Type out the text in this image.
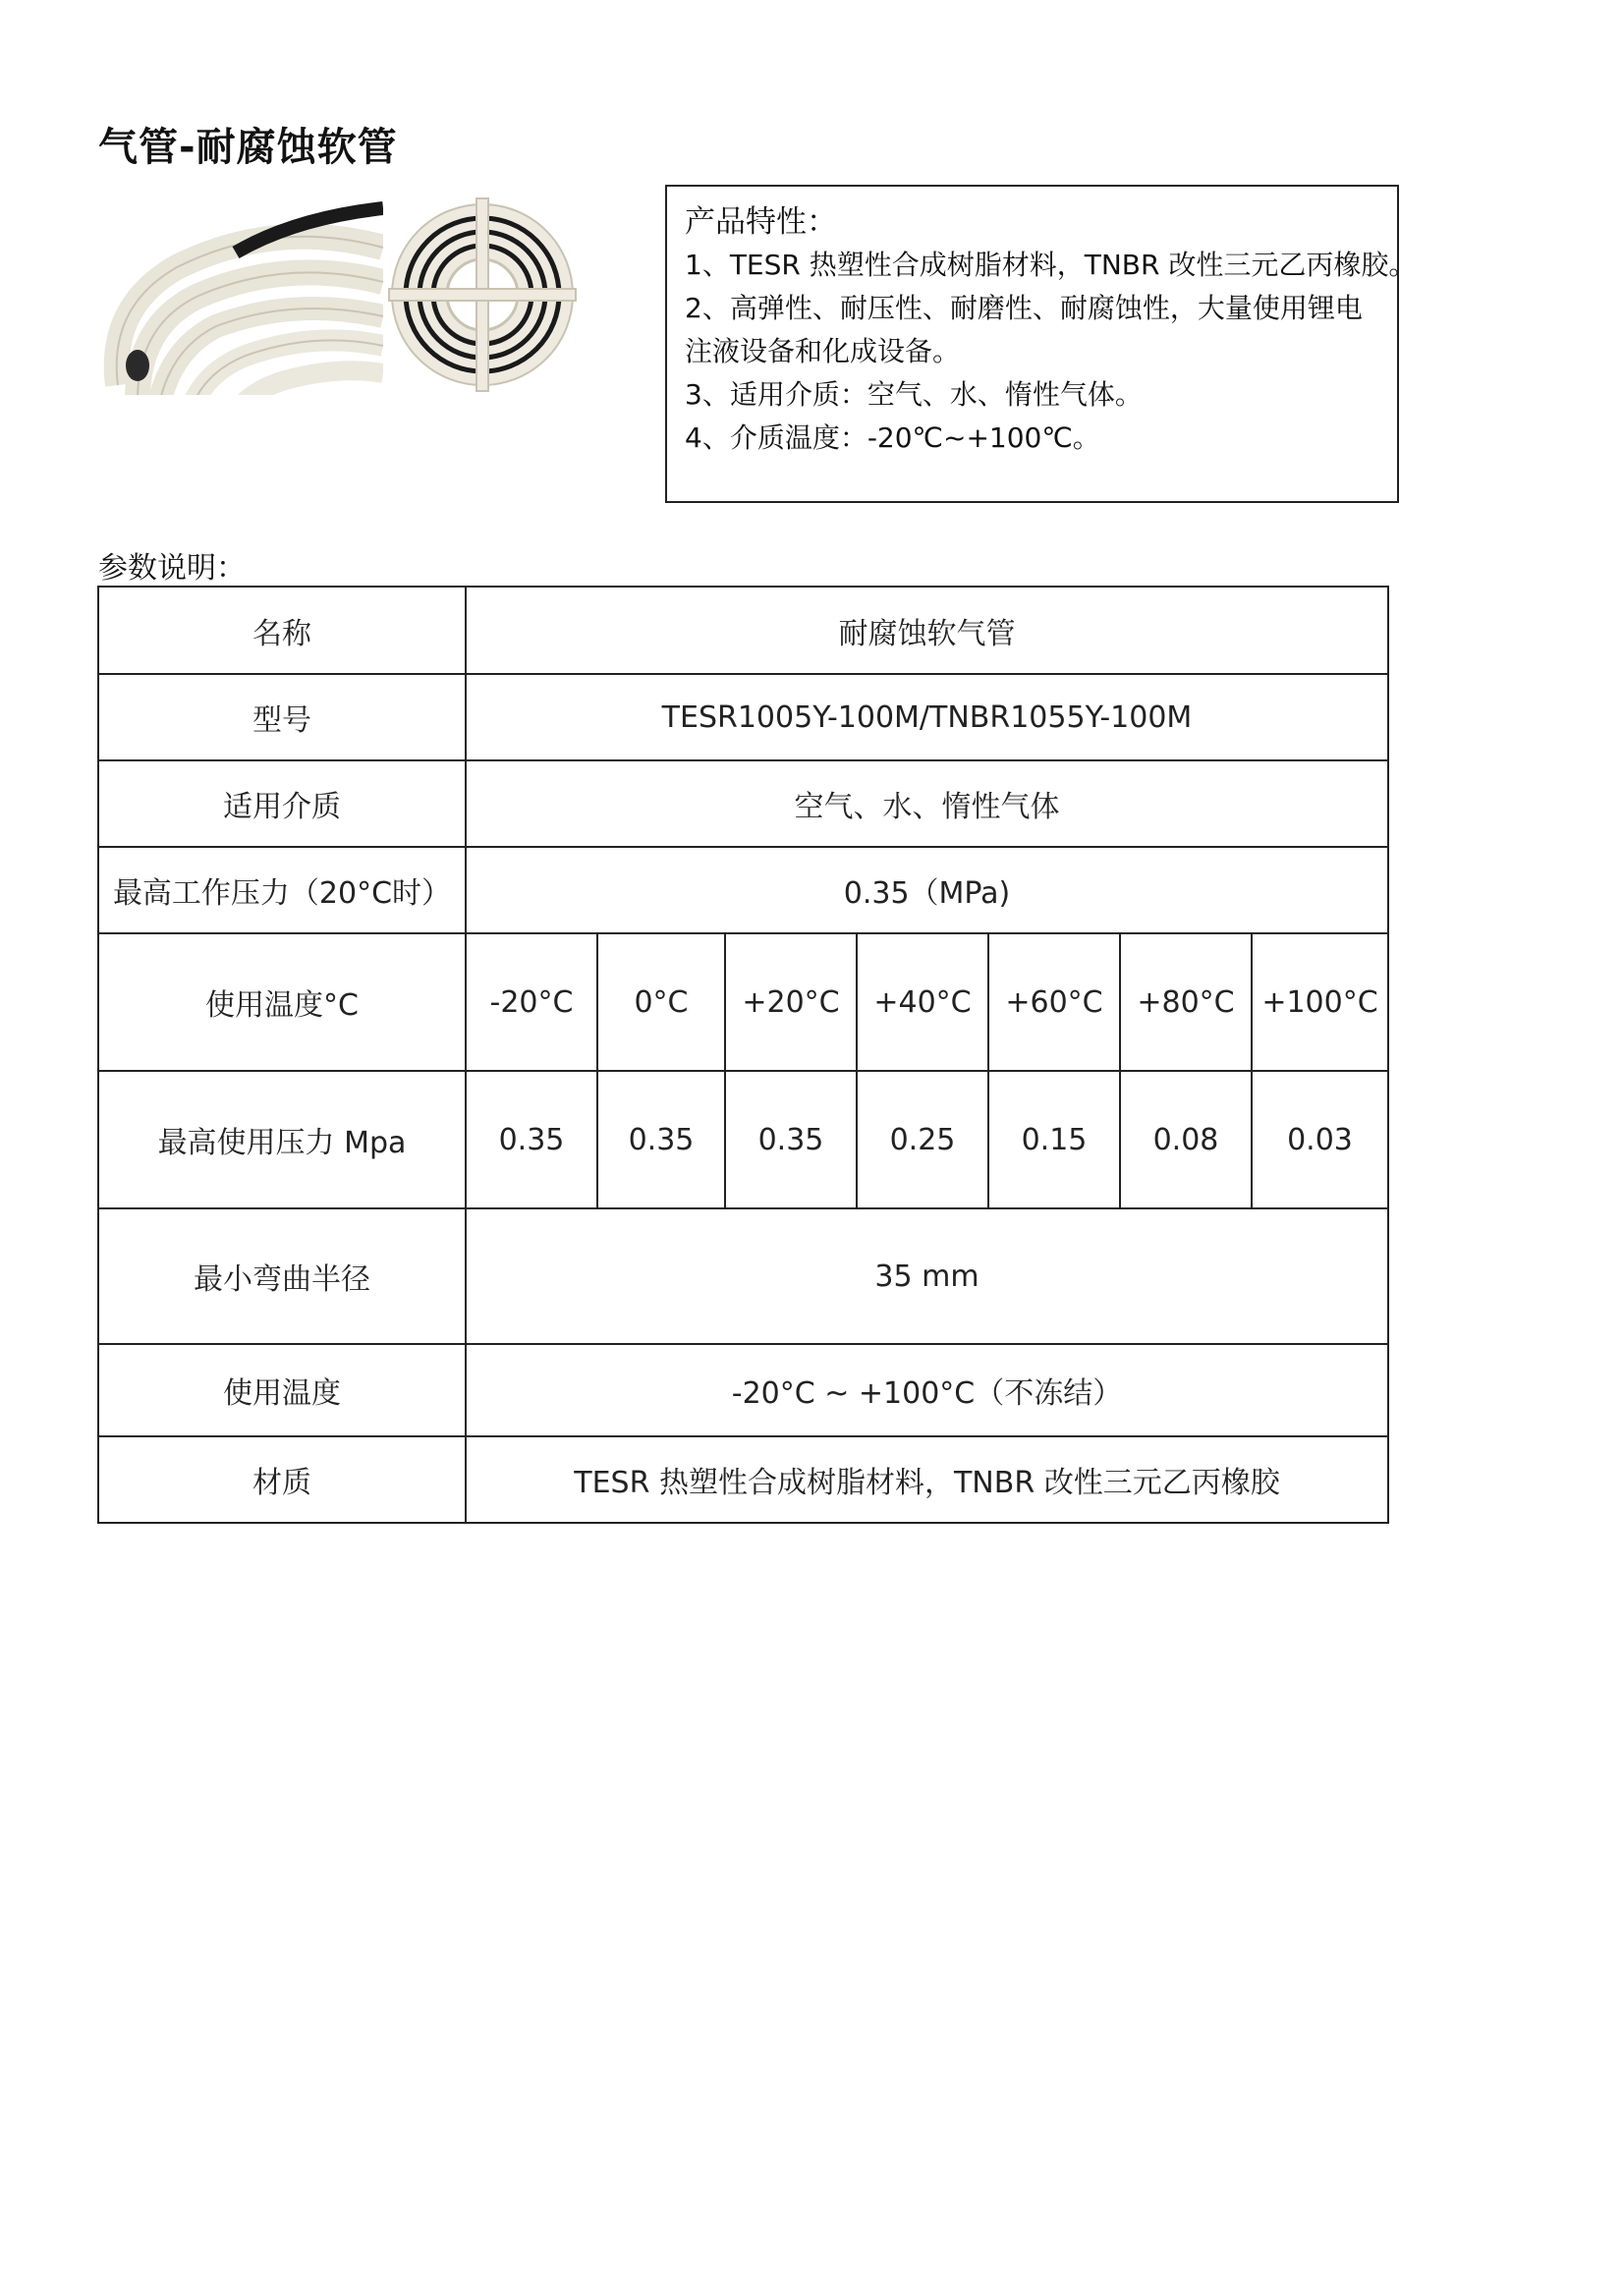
气管-耐腐蚀软管
产品特性：
1、TESR 热塑性合成树脂材料，TNBR 改性三元乙丙橡胶。
2、高弹性、耐压性、耐磨性、耐腐蚀性，大量使用锂电注液设备和化成设备。
3、适用介质：空气、水、惰性气体。
4、介质温度：-20℃~+100℃。
参数说明：
名称	耐腐蚀软气管						
型号	TESR1005Y-100M/TNBR1055Y-100M						
适用介质	空气、水、惰性气体						
最高工作压力（20°C时）	0.35（MPa)						
使用温度°C	-20°C	0°C	+20°C	+40°C	+60°C	+80°C	+100°C
最高使用压力 Mpa	0.35	0.35	0.35	0.25	0.15	0.08	0.03
最小弯曲半径	35 mm						
使用温度	-20°C ~ +100°C（不冻结）						
材质	TESR 热塑性合成树脂材料，TNBR 改性三元乙丙橡胶						
